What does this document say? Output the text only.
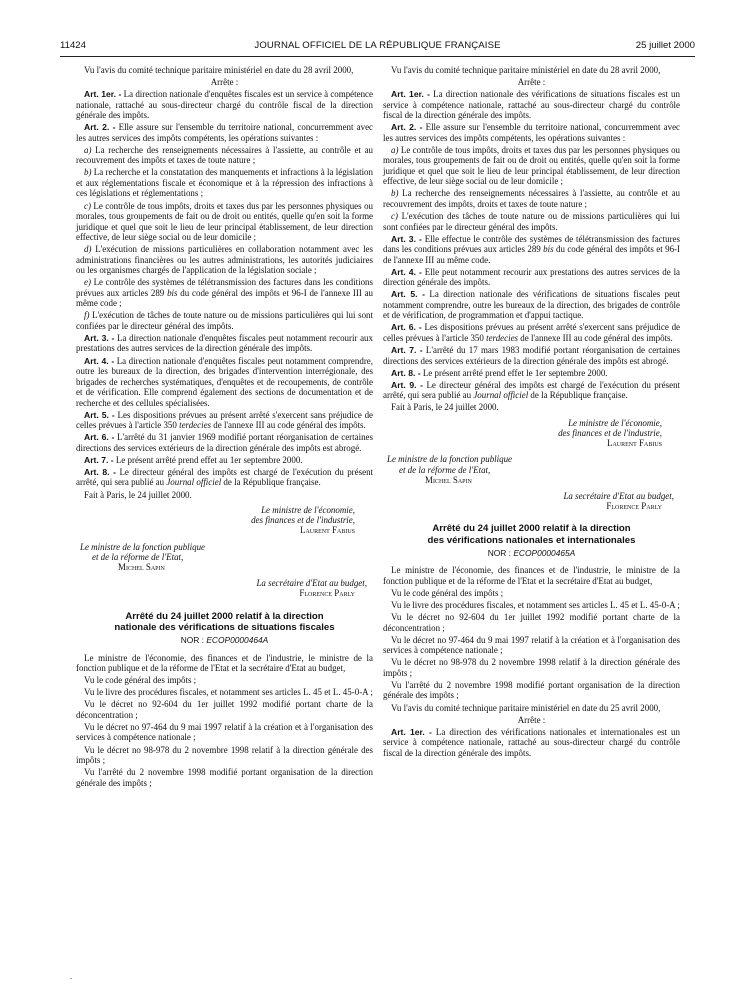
11424	JOURNAL OFFICIEL DE LA RÉPUBLIQUE FRANÇAISE	25 juillet 2000

Vu l'avis du comité technique paritaire ministériel en date du 28 avril 2000,

Arrête :

Art. 1er. - La direction nationale d'enquêtes fiscales est un service à compétence nationale, rattaché au sous-directeur chargé du contrôle fiscal de la direction générale des impôts.

Art. 2. - Elle assure sur l'ensemble du territoire national, concurremment avec les autres services des impôts compétents, les opérations suivantes :

a) La recherche des renseignements nécessaires à l'assiette, au contrôle et au recouvrement des impôts et taxes de toute nature ;

b) La recherche et la constatation des manquements et infractions à la législation et aux réglementations fiscale et économique et à la répression des infractions à ces législations et réglementations ;

c) Le contrôle de tous impôts, droits et taxes dus par les personnes physiques ou morales, tous groupements de fait ou de droit ou entités, quelle qu'en soit la forme juridique et quel que soit le lieu de leur principal établissement, de leur direction effective, de leur siège social ou de leur domicile ;

d) L'exécution de missions particulières en collaboration notamment avec les administrations financières ou les autres administrations, les autorités judiciaires ou les organismes chargés de l'application de la législation sociale ;

e) Le contrôle des systèmes de télétransmission des factures dans les conditions prévues aux articles 289 bis du code général des impôts et 96-I de l'annexe III au même code ;

f) L'exécution de tâches de toute nature ou de missions particulières qui lui sont confiées par le directeur général des impôts.

Art. 3. - La direction nationale d'enquêtes fiscales peut notamment recourir aux prestations des autres services de la direction générale des impôts.

Art. 4. - La direction nationale d'enquêtes fiscales peut notamment comprendre, outre les bureaux de la direction, des brigades d'intervention interrégionale, des brigades de recherches systématiques, d'enquêtes et de recoupements, de contrôle et de vérification. Elle comprend également des sections de documentation et de recherche et des cellules spécialisées.

Art. 5. - Les dispositions prévues au présent arrêté s'exercent sans préjudice de celles prévues à l'article 350 terdecies de l'annexe III au code général des impôts.

Art. 6. - L'arrêté du 31 janvier 1969 modifié portant réorganisation de certaines directions des services extérieurs de la direction générale des impôts est abrogé.

Art. 7. - Le présent arrêté prend effet au 1er septembre 2000.

Art. 8. - Le directeur général des impôts est chargé de l'exécution du présent arrêté, qui sera publié au Journal officiel de la République française.

Fait à Paris, le 24 juillet 2000.

Le ministre de l'économie,
des finances et de l'industrie,
Laurent Fabius
Le ministre de la fonction publique
et de la réforme de l'Etat,
Michel Sapin
La secrétaire d'Etat au budget,
Florence Parly
Arrêté du 24 juillet 2000 relatif à la direction
nationale des vérifications de situations fiscales
NOR : ECOP0000464A

Le ministre de l'économie, des finances et de l'industrie, le ministre de la fonction publique et de la réforme de l'Etat et la secrétaire d'Etat au budget,

Vu le code général des impôts ;

Vu le livre des procédures fiscales, et notamment ses articles L. 45 et L. 45-0-A ;

Vu le décret no 92-604 du 1er juillet 1992 modifié portant charte de la déconcentration ;

Vu le décret no 97-464 du 9 mai 1997 relatif à la création et à l'organisation des services à compétence nationale ;

Vu le décret no 98-978 du 2 novembre 1998 relatif à la direction générale des impôts ;

Vu l'arrêté du 2 novembre 1998 modifié portant organisation de la direction générale des impôts ;

Vu l'avis du comité technique paritaire ministériel en date du 28 avril 2000,

Arrête :

Art. 1er. - La direction nationale des vérifications de situations fiscales est un service à compétence nationale, rattaché au sous-directeur chargé du contrôle fiscal de la direction générale des impôts.

Art. 2. - Elle assure sur l'ensemble du territoire national, concurremment avec les autres services des impôts compétents, les opérations suivantes :

a) Le contrôle de tous impôts, droits et taxes dus par les personnes physiques ou morales, tous groupements de fait ou de droit ou entités, quelle qu'en soit la forme juridique et quel que soit le lieu de leur principal établissement, de leur direction effective, de leur siège social ou de leur domicile ;

b) La recherche des renseignements nécessaires à l'assiette, au contrôle et au recouvrement des impôts, droits et taxes de toute nature ;

c) L'exécution des tâches de toute nature ou de missions particulières qui lui sont confiées par le directeur général des impôts.

Art. 3. - Elle effectue le contrôle des systèmes de télétransmission des factures dans les conditions prévues aux articles 289 bis du code général des impôts et 96-I de l'annexe III au même code.

Art. 4. - Elle peut notamment recourir aux prestations des autres services de la direction générale des impôts.

Art. 5. - La direction nationale des vérifications de situations fiscales peut notamment comprendre, outre les bureaux de la direction, des brigades de contrôle et de vérification, de programmation et d'appui tactique.

Art. 6. - Les dispositions prévues au présent arrêté s'exercent sans préjudice de celles prévues à l'article 350 terdecies de l'annexe III au code général des impôts.

Art. 7. - L'arrêté du 17 mars 1983 modifié portant réorganisation de certaines directions des services extérieurs de la direction générale des impôts est abrogé.

Art. 8. - Le présent arrêté prend effet le 1er septembre 2000.

Art. 9. - Le directeur général des impôts est chargé de l'exécution du présent arrêté, qui sera publié au Journal officiel de la République française.

Fait à Paris, le 24 juillet 2000.

Le ministre de l'économie,
des finances et de l'industrie,
Laurent Fabius
Le ministre de la fonction publique
et de la réforme de l'Etat,
Michel Sapin
La secrétaire d'Etat au budget,
Florence Parly
Arrêté du 24 juillet 2000 relatif à la direction
des vérifications nationales et internationales
NOR : ECOP0000465A

Le ministre de l'économie, des finances et de l'industrie, le ministre de la fonction publique et de la réforme de l'Etat et la secrétaire d'Etat au budget,

Vu le code général des impôts ;

Vu le livre des procédures fiscales, et notamment ses articles L. 45 et L. 45-0-A ;

Vu le décret no 92-604 du 1er juillet 1992 modifié portant charte de la déconcentration ;

Vu le décret no 97-464 du 9 mai 1997 relatif à la création et à l'organisation des services à compétence nationale ;

Vu le décret no 98-978 du 2 novembre 1998 relatif à la direction générale des impôts ;

Vu l'arrêté du 2 novembre 1998 modifié portant organisation de la direction générale des impôts ;

Vu l'avis du comité technique paritaire ministériel en date du 25 avril 2000,

Arrête :

Art. 1er. - La direction des vérifications nationales et internationales est un service à compétence nationale, rattaché au sous-directeur chargé du contrôle fiscal de la direction générale des impôts.

.
